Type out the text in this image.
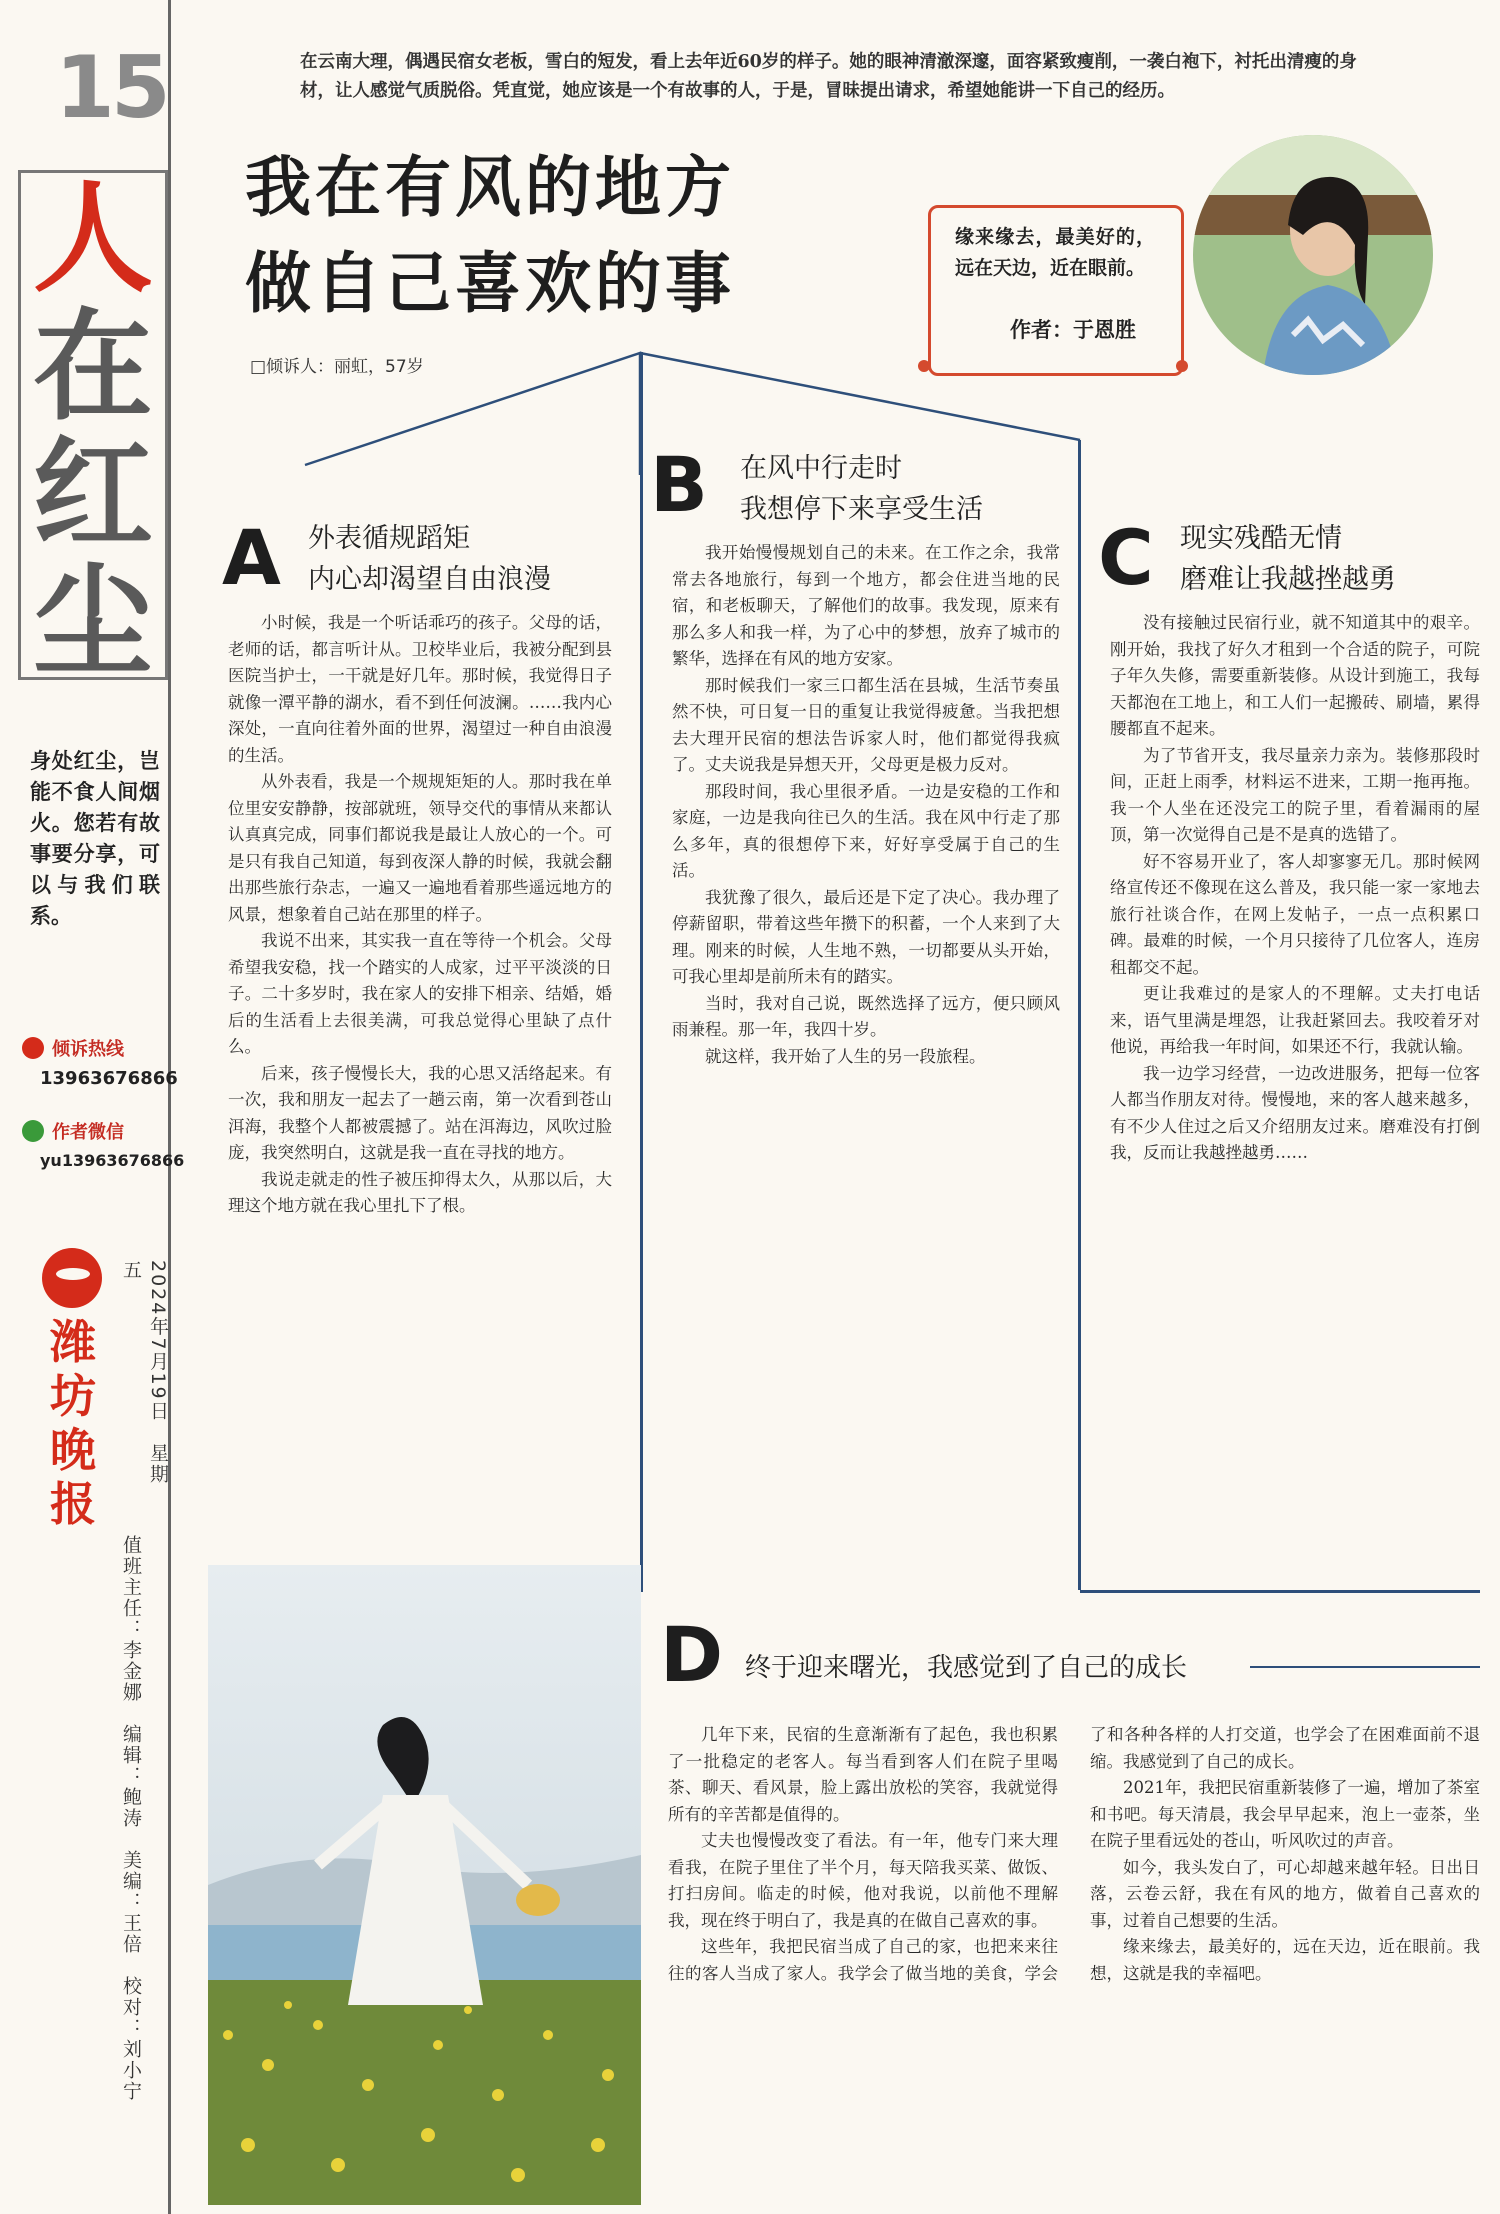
15
人
在红尘
身处红尘，岂能不食人间烟火。您若有故事要分享，可以与我们联系。
倾诉热线
13963676866
作者微信
yu13963676866
潍坊晚报
2024年7月19日　星期五
值班主任：李金娜　编辑：鲍涛　美编：王倍　校对：刘小宁
在云南大理，偶遇民宿女老板，雪白的短发，看上去年近60岁的样子。她的眼神清澈深邃，面容紧致瘦削，一袭白袍下，衬托出清瘦的身材，让人感觉气质脱俗。凭直觉，她应该是一个有故事的人，于是，冒昧提出请求，希望她能讲一下自己的经历。
我在有风的地方
做自己喜欢的事
□倾诉人：丽虹，57岁
缘来缘去，最美好的，远在天边，近在眼前。
作者：于恩胜
A 外表循规蹈矩
内心却渴望自由浪漫

小时候，我是一个听话乖巧的孩子。父母的话，老师的话，都言听计从。卫校毕业后，我被分配到县医院当护士，一干就是好几年。那时候，我觉得日子就像一潭平静的湖水，看不到任何波澜。……我内心深处，一直向往着外面的世界，渴望过一种自由浪漫的生活。

从外表看，我是一个规规矩矩的人。那时我在单位里安安静静，按部就班，领导交代的事情从来都认认真真完成，同事们都说我是最让人放心的一个。可是只有我自己知道，每到夜深人静的时候，我就会翻出那些旅行杂志，一遍又一遍地看着那些遥远地方的风景，想象着自己站在那里的样子。

我说不出来，其实我一直在等待一个机会。父母希望我安稳，找一个踏实的人成家，过平平淡淡的日子。二十多岁时，我在家人的安排下相亲、结婚，婚后的生活看上去很美满，可我总觉得心里缺了点什么。

后来，孩子慢慢长大，我的心思又活络起来。有一次，我和朋友一起去了一趟云南，第一次看到苍山洱海，我整个人都被震撼了。站在洱海边，风吹过脸庞，我突然明白，这就是我一直在寻找的地方。

我说走就走的性子被压抑得太久，从那以后，大理这个地方就在我心里扎下了根。

B 在风中行走时
我想停下来享受生活

我开始慢慢规划自己的未来。在工作之余，我常常去各地旅行，每到一个地方，都会住进当地的民宿，和老板聊天，了解他们的故事。我发现，原来有那么多人和我一样，为了心中的梦想，放弃了城市的繁华，选择在有风的地方安家。

那时候我们一家三口都生活在县城，生活节奏虽然不快，可日复一日的重复让我觉得疲惫。当我把想去大理开民宿的想法告诉家人时，他们都觉得我疯了。丈夫说我是异想天开，父母更是极力反对。

那段时间，我心里很矛盾。一边是安稳的工作和家庭，一边是我向往已久的生活。我在风中行走了那么多年，真的很想停下来，好好享受属于自己的生活。

我犹豫了很久，最后还是下定了决心。我办理了停薪留职，带着这些年攒下的积蓄，一个人来到了大理。刚来的时候，人生地不熟，一切都要从头开始，可我心里却是前所未有的踏实。

当时，我对自己说，既然选择了远方，便只顾风雨兼程。那一年，我四十岁。

就这样，我开始了人生的另一段旅程。

C 现实残酷无情
磨难让我越挫越勇

没有接触过民宿行业，就不知道其中的艰辛。刚开始，我找了好久才租到一个合适的院子，可院子年久失修，需要重新装修。从设计到施工，我每天都泡在工地上，和工人们一起搬砖、刷墙，累得腰都直不起来。

为了节省开支，我尽量亲力亲为。装修那段时间，正赶上雨季，材料运不进来，工期一拖再拖。我一个人坐在还没完工的院子里，看着漏雨的屋顶，第一次觉得自己是不是真的选错了。

好不容易开业了，客人却寥寥无几。那时候网络宣传还不像现在这么普及，我只能一家一家地去旅行社谈合作，在网上发帖子，一点一点积累口碑。最难的时候，一个月只接待了几位客人，连房租都交不起。

更让我难过的是家人的不理解。丈夫打电话来，语气里满是埋怨，让我赶紧回去。我咬着牙对他说，再给我一年时间，如果还不行，我就认输。

我一边学习经营，一边改进服务，把每一位客人都当作朋友对待。慢慢地，来的客人越来越多，有不少人住过之后又介绍朋友过来。磨难没有打倒我，反而让我越挫越勇……

D 终于迎来曙光，我感觉到了自己的成长

几年下来，民宿的生意渐渐有了起色，我也积累了一批稳定的老客人。每当看到客人们在院子里喝茶、聊天、看风景，脸上露出放松的笑容，我就觉得所有的辛苦都是值得的。

丈夫也慢慢改变了看法。有一年，他专门来大理看我，在院子里住了半个月，每天陪我买菜、做饭、打扫房间。临走的时候，他对我说，以前他不理解我，现在终于明白了，我是真的在做自己喜欢的事。

这些年，我把民宿当成了自己的家，也把来来往往的客人当成了家人。我学会了做当地的美食，学会了和各种各样的人打交道，也学会了在困难面前不退缩。我感觉到了自己的成长。

2021年，我把民宿重新装修了一遍，增加了茶室和书吧。每天清晨，我会早早起来，泡上一壶茶，坐在院子里看远处的苍山，听风吹过的声音。

如今，我头发白了，可心却越来越年轻。日出日落，云卷云舒，我在有风的地方，做着自己喜欢的事，过着自己想要的生活。

缘来缘去，最美好的，远在天边，近在眼前。我想，这就是我的幸福吧。
